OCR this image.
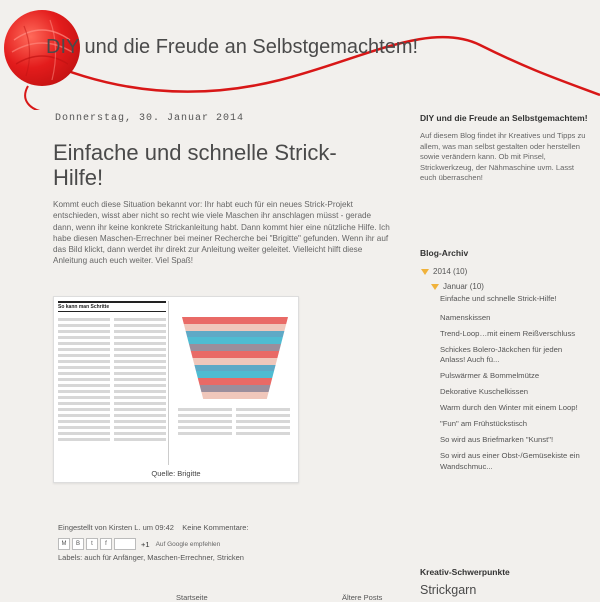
DIY und die Freude an Selbstgemachtem!
Donnerstag, 30. Januar 2014
Einfache und schnelle Strick-Hilfe!
Kommt euch diese Situation bekannt vor: Ihr habt euch für ein neues Strick-Projekt entschieden, wisst aber nicht so recht wie viele Maschen ihr anschlagen müsst - gerade dann, wenn ihr keine konkrete Strickanleitung habt. Dann kommt hier eine nützliche Hilfe. Ich habe diesen Maschen-Errechner bei meiner Recherche bei "Brigitte" gefunden. Wenn ihr auf das Bild klickt, dann werdet ihr direkt zur Anleitung weiter geleitet. Vielleicht hilft diese Anleitung auch euch weiter. Viel Spaß!
So kann man Schritte
Quelle: Brigitte
Eingestellt von Kirsten L. um 09:42 Keine Kommentare:
M	B	t	f	+1 Auf Google empfehlen
Labels: auch für Anfänger, Maschen-Errechner, Stricken
Startseite	Ältere Posts
DIY und die Freude an Selbstgemachtem!
Auf diesem Blog findet ihr Kreatives und Tipps zu allem, was man selbst gestalten oder herstellen sowie verändern kann. Ob mit Pinsel, Strickwerkzeug, der Nähmaschine uvm. Lasst euch überraschen!
Blog-Archiv
2014 (10)
Januar (10)
Einfache und schnelle Strick-Hilfe!
Namenskissen
Trend-Loop…mit einem Reißverschluss
Schickes Bolero-Jäckchen für jeden Anlass! Auch fü...
Pulswärmer & Bommelmütze
Dekorative Kuschelkissen
Warm durch den Winter mit einem Loop!
"Fun" am Frühstückstisch
So wird aus Briefmarken "Kunst"!
So wird aus einer Obst-/Gemüsekiste ein Wandschmuc...
Kreativ-Schwerpunkte
Strickgarn
